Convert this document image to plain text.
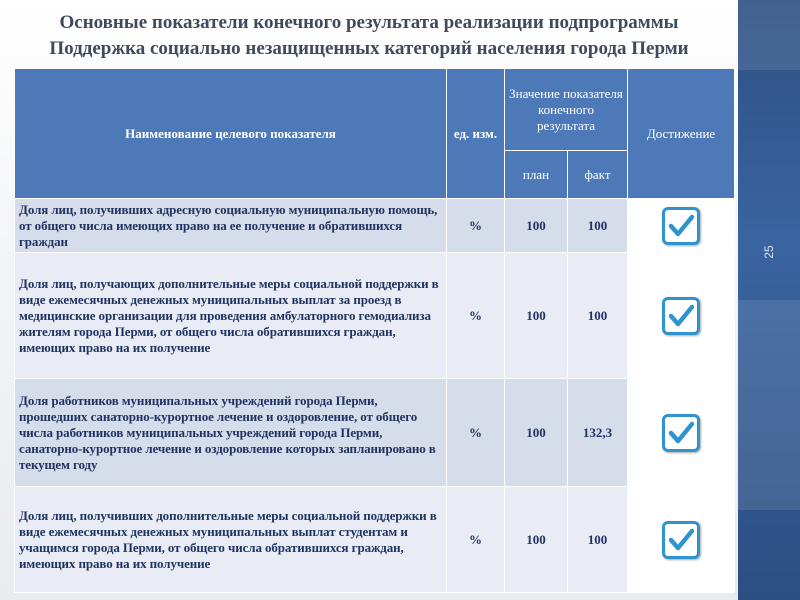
25
Основные показатели конечного результата реализации подпрограммы
Поддержка социально незащищенных категорий населения города Перми
Наименование целевого показателя	ед. изм.	Значение показателя конечного результата		Достижение
		план	факт	
Доля лиц, получивших адресную социальную муниципальную помощь, от общего числа имеющих право на ее получение и обратившихся граждан	%	100	100	

Доля лиц, получающих дополнительные меры социальной поддержки в виде ежемесячных денежных муниципальных выплат за проезд в медицинские организации для проведения амбулаторного гемодиализа жителям города Перми, от общего числа обратившихся граждан, имеющих право на их получение	%	100	100	

Доля работников муниципальных учреждений города Перми, прошедших санаторно-курортное лечение и оздоровление, от общего числа работников муниципальных учреждений города Перми, санаторно-курортное лечение и оздоровление которых запланировано в текущем году	%	100	132,3	

Доля лиц, получивших дополнительные меры социальной поддержки в виде ежемесячных денежных муниципальных выплат студентам и учащимся города Перми, от общего числа обратившихся граждан, имеющих право на их получение	%	100	100	
